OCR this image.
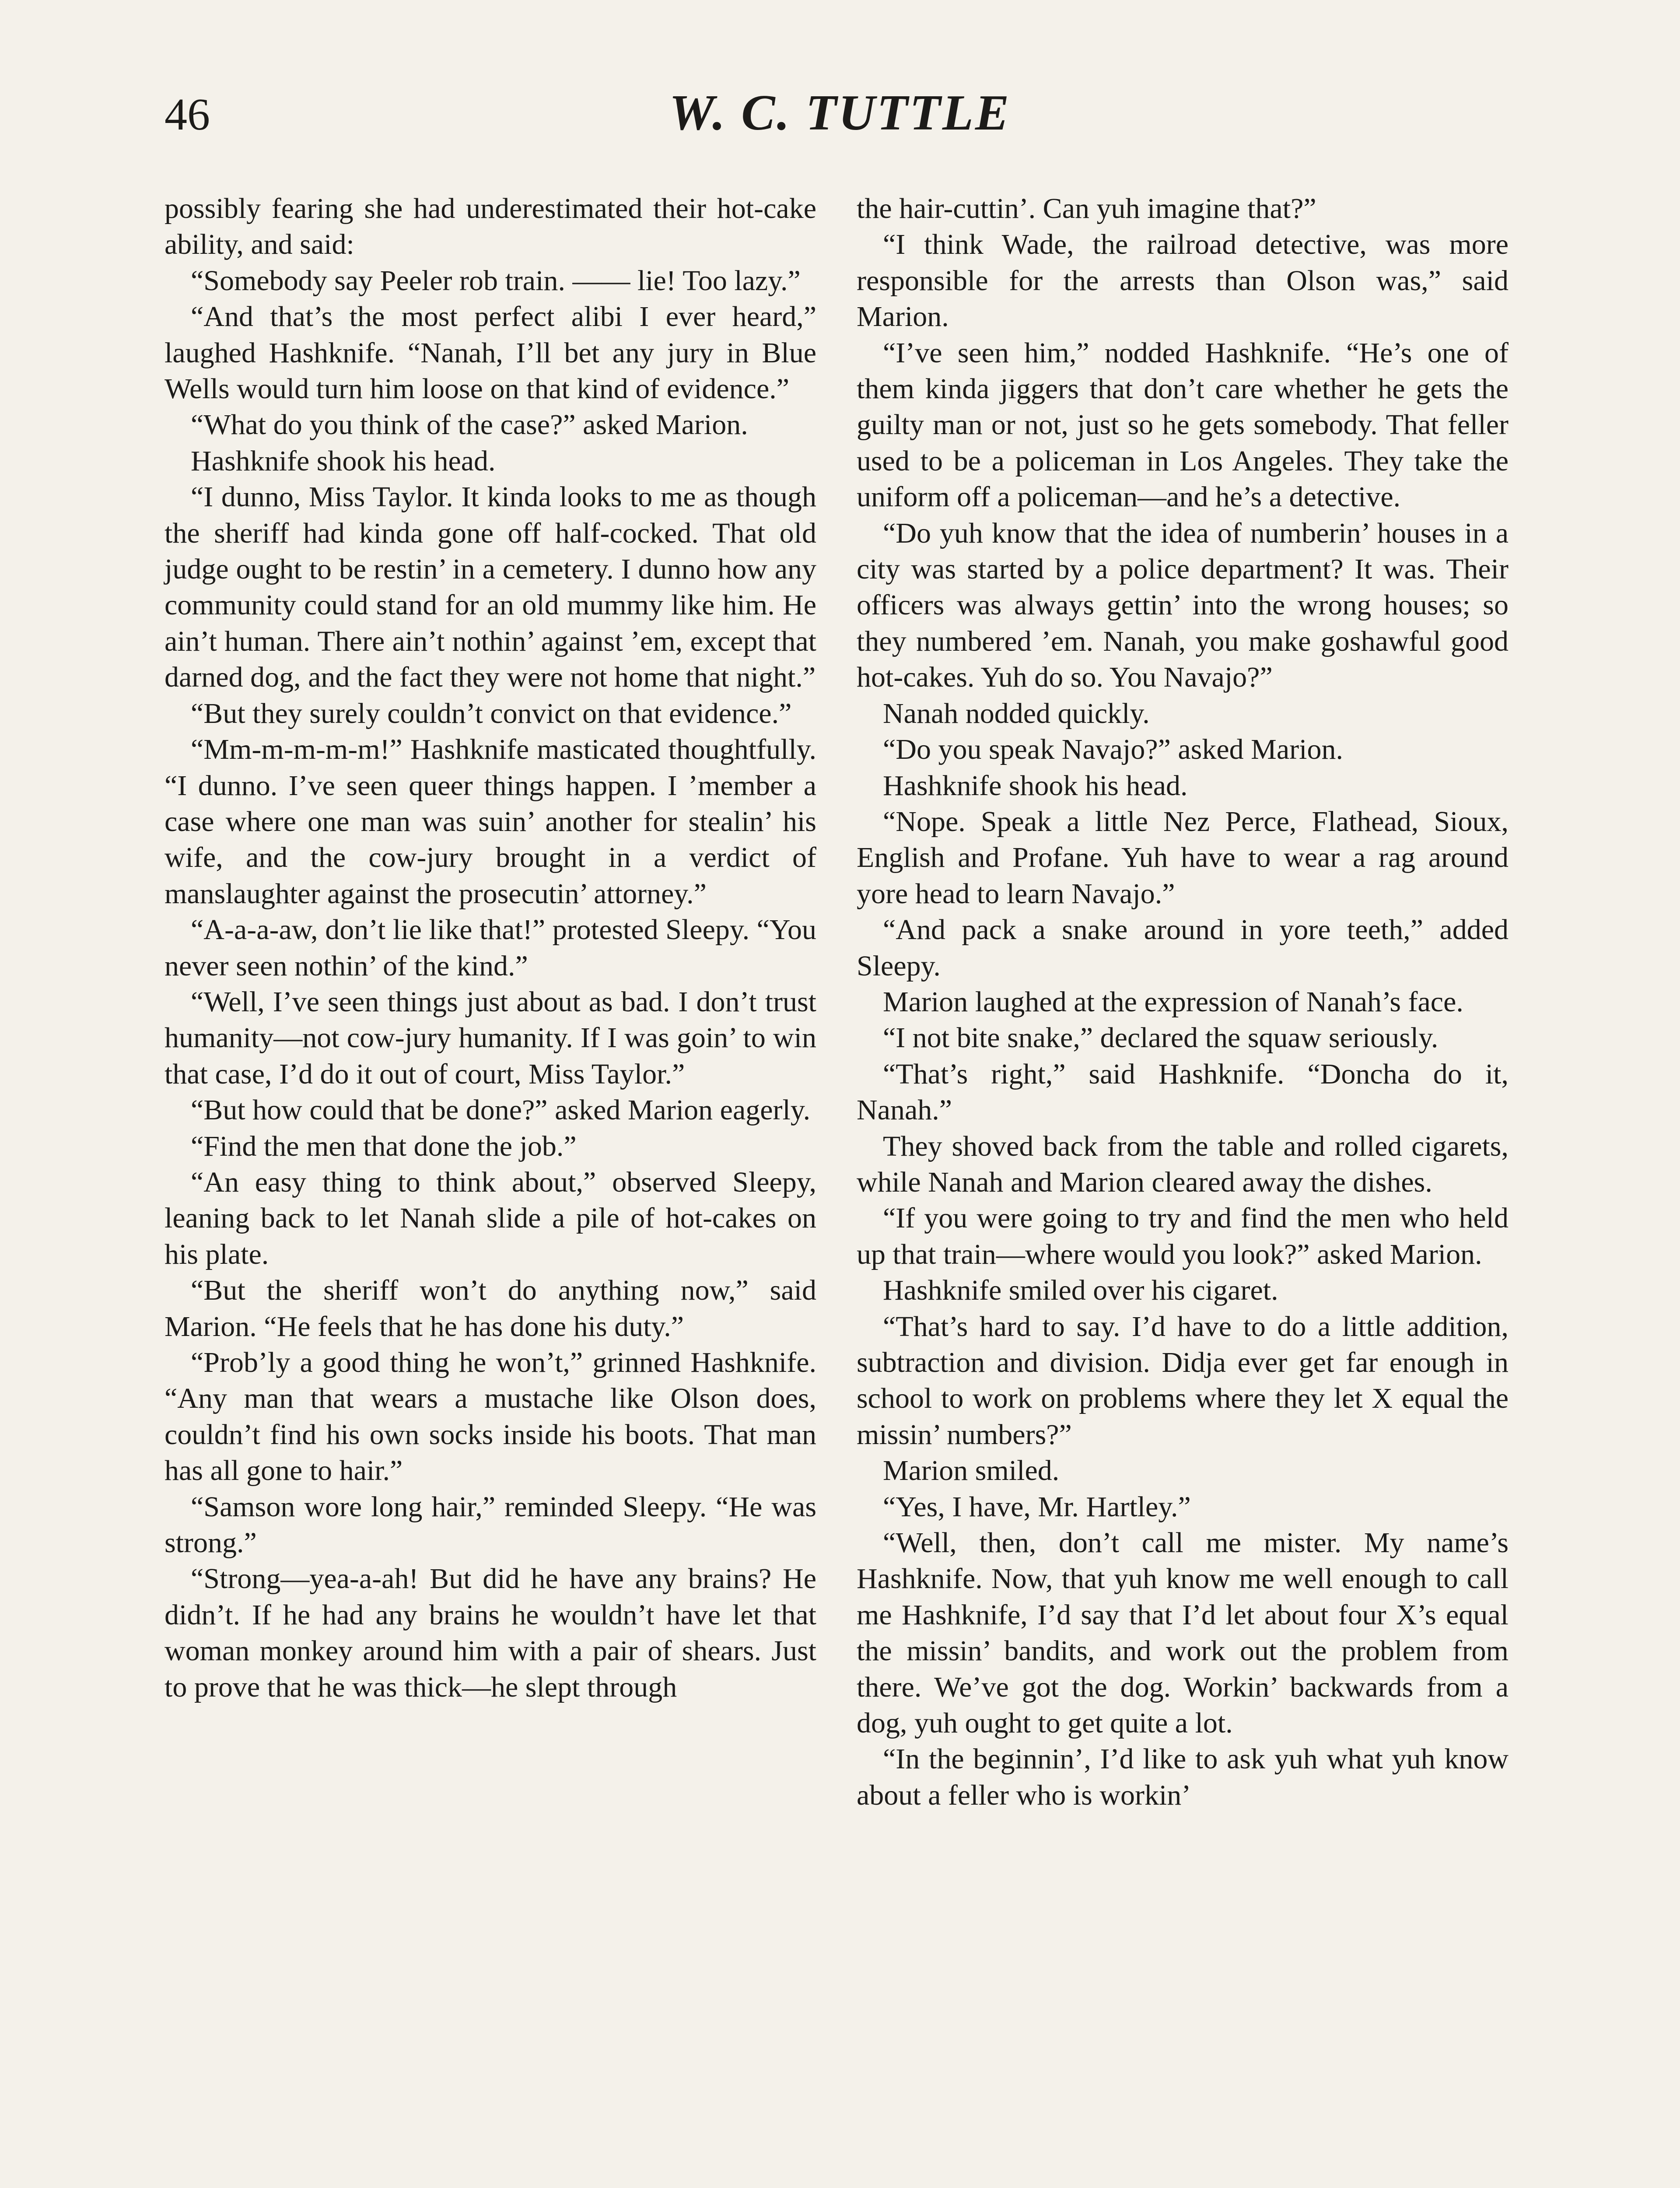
46	W. C. TUTTLE

possibly fearing she had underestimated their hot-cake ability, and said:

“Somebody say Peeler rob train. —— lie! Too lazy.”

“And that’s the most perfect alibi I ever heard,” laughed Hashknife. “Nanah, I’ll bet any jury in Blue Wells would turn him loose on that kind of evidence.”

“What do you think of the case?” asked Marion.

Hashknife shook his head.

“I dunno, Miss Taylor. It kinda looks to me as though the sheriff had kinda gone off half-cocked. That old judge ought to be restin’ in a cemetery. I dunno how any community could stand for an old mummy like him. He ain’t human. There ain’t nothin’ against ’em, except that darned dog, and the fact they were not home that night.”

“But they surely couldn’t convict on that evidence.”

“Mm-m-m-m-m!” Hashknife masticated thoughtfully. “I dunno. I’ve seen queer things happen. I ’member a case where one man was suin’ another for stealin’ his wife, and the cow-jury brought in a verdict of manslaughter against the prosecutin’ attorney.”

“A-a-a-aw, don’t lie like that!” protested Sleepy. “You never seen nothin’ of the kind.”

“Well, I’ve seen things just about as bad. I don’t trust humanity—not cow-jury humanity. If I was goin’ to win that case, I’d do it out of court, Miss Taylor.”

“But how could that be done?” asked Marion eagerly.

“Find the men that done the job.”

“An easy thing to think about,” observed Sleepy, leaning back to let Nanah slide a pile of hot-cakes on his plate.

“But the sheriff won’t do anything now,” said Marion. “He feels that he has done his duty.”

“Prob’ly a good thing he won’t,” grinned Hashknife. “Any man that wears a mustache like Olson does, couldn’t find his own socks inside his boots. That man has all gone to hair.”

“Samson wore long hair,” reminded Sleepy. “He was strong.”

“Strong—yea-a-ah! But did he have any brains? He didn’t. If he had any brains he wouldn’t have let that woman monkey around him with a pair of shears. Just to prove that he was thick—he slept through

the hair-cuttin’. Can yuh imagine that?”

“I think Wade, the railroad detective, was more responsible for the arrests than Olson was,” said Marion.

“I’ve seen him,” nodded Hashknife. “He’s one of them kinda jiggers that don’t care whether he gets the guilty man or not, just so he gets somebody. That feller used to be a policeman in Los Angeles. They take the uniform off a policeman—and he’s a detective.

“Do yuh know that the idea of numberin’ houses in a city was started by a police department? It was. Their officers was always gettin’ into the wrong houses; so they numbered ’em. Nanah, you make goshawful good hot-cakes. Yuh do so. You Navajo?”

Nanah nodded quickly.

“Do you speak Navajo?” asked Marion.

Hashknife shook his head.

“Nope. Speak a little Nez Perce, Flathead, Sioux, English and Profane. Yuh have to wear a rag around yore head to learn Navajo.”

“And pack a snake around in yore teeth,” added Sleepy.

Marion laughed at the expression of Nanah’s face.

“I not bite snake,” declared the squaw seriously.

“That’s right,” said Hashknife. “Doncha do it, Nanah.”

They shoved back from the table and rolled cigarets, while Nanah and Marion cleared away the dishes.

“If you were going to try and find the men who held up that train—where would you look?” asked Marion.

Hashknife smiled over his cigaret.

“That’s hard to say. I’d have to do a little addition, subtraction and division. Didja ever get far enough in school to work on problems where they let X equal the missin’ numbers?”

Marion smiled.

“Yes, I have, Mr. Hartley.”

“Well, then, don’t call me mister. My name’s Hashknife. Now, that yuh know me well enough to call me Hashknife, I’d say that I’d let about four X’s equal the missin’ bandits, and work out the problem from there. We’ve got the dog. Workin’ backwards from a dog, yuh ought to get quite a lot.

“In the beginnin’, I’d like to ask yuh what yuh know about a feller who is workin’
